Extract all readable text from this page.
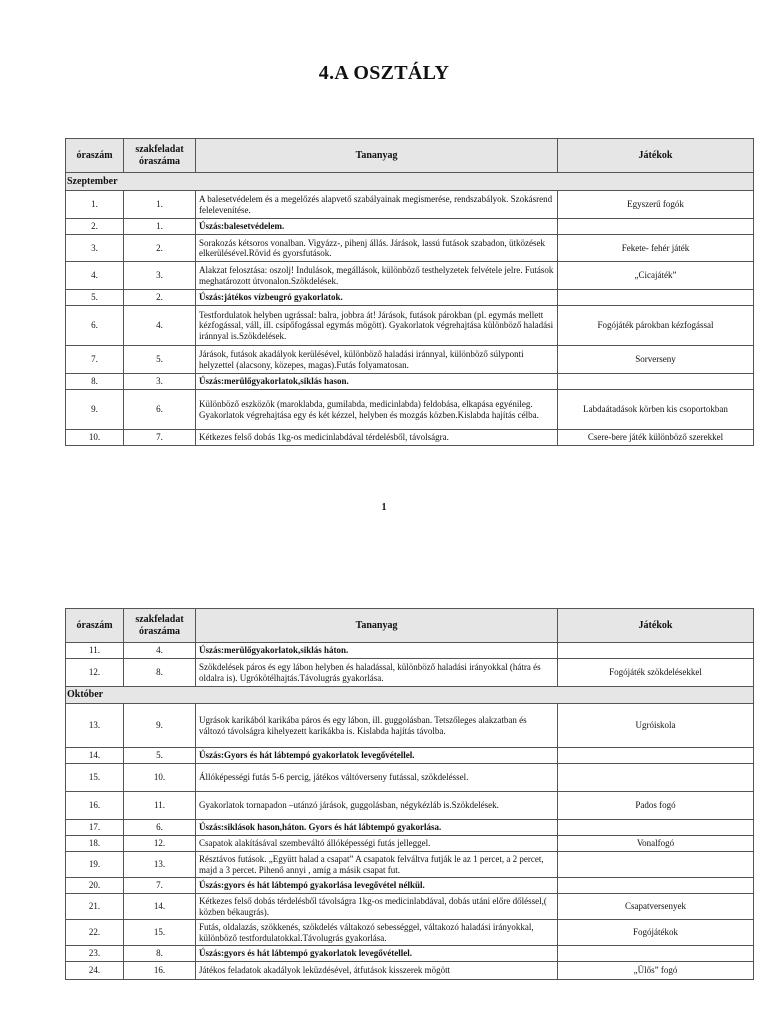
4.A OSZTÁLY
óraszám	szakfeladat óraszáma	Tananyag	Játékok
Szeptember			
1.	1.	A balesetvédelem és a megelőzés alapvető szabályainak megismerése, rendszabályok. Szokásrend felelevenítése.	Egyszerű fogók
2.	1.	Úszás:balesetvédelem.	
3.	2.	Sorakozás kétsoros vonalban. Vigyázz-, pihenj állás. Járások, lassú futások szabadon, ütközések elkerülésével.Rövid és gyorsfutások.	Fekete- fehér játék
4.	3.	Alakzat felosztása: oszolj! Indulások, megállások, különböző testhelyzetek felvétele jelre. Futások meghatározott útvonalon.Szökdelések.	„Cicajáték”
5.	2.	Úszás:játékos vízbeugró gyakorlatok.	
6.	4.	Testfordulatok helyben ugrással: balra, jobbra át! Járások, futások párokban (pl. egymás mellett kézfogással, váll, ill. csípőfogással egymás mögött). Gyakorlatok végrehajtása különböző haladási iránnyal is.Szökdelések.	Fogójáték párokban kézfogással
7.	5.	Járások, futások akadályok kerülésével, különböző haladási iránnyal, különböző súlyponti helyzettel (alacsony, közepes, magas).Futás folyamatosan.	Sorverseny
8.	3.	Úszás:merülőgyakorlatok,siklás hason.	
9.	6.	Különböző eszközök (maroklabda, gumilabda, medicinlabda) feldobása, elkapása egyénileg. Gyakorlatok végrehajtása egy és két kézzel, helyben és mozgás közben.Kislabda hajítás célba.	Labdaátadások körben kis csoportokban
10.	7.	Kétkezes felső dobás 1kg-os medicinlabdával térdelésből, távolságra.	Csere-bere játék különböző szerekkel
1
óraszám	szakfeladat óraszáma	Tananyag	Játékok
11.	4.	Úszás:merülőgyakorlatok,siklás háton.	
12.	8.	Szökdelések páros és egy lábon helyben és haladással, különböző haladási irányokkal (hátra és oldalra is). Ugrókötélhajtás.Távolugrás gyakorlása.	Fogójáték szökdelésekkel
Október			
13.	9.	Ugrások karikából karikába páros és egy lábon, ill. guggolásban. Tetszőleges alakzatban és változó távolságra kihelyezett karikákba is. Kislabda hajítás távolba.	Ugróiskola
14.	5.	Úszás:Gyors és hát lábtempó gyakorlatok levegővétellel.	
15.	10.	Állóképességi futás 5-6 percig, játékos váltóverseny futással, szökdeléssel.	
16.	11.	Gyakorlatok tornapadon –utánzó járások, guggolásban, négykézláb is.Szökdelések.	Pados fogó
17.	6.	Úszás:siklások hason,háton. Gyors és hát lábtempó gyakorlása.	
18.	12.	Csapatok alakításával szembeváltó állóképességi futás jelleggel.	Vonalfogó
19.	13.	Résztávos futások. „Együtt halad a csapat” A csapatok felváltva futják le az 1 percet, a 2 percet, majd a 3 percet. Pihenő annyi , amíg a másik csapat fut.	
20.	7.	Úszás:gyors és hát lábtempó gyakorlása levegővétel nélkül.	
21.	14.	Kétkezes felső dobás térdelésből távolságra 1kg-os medicinlabdával, dobás utáni előre dőléssel,( közben békaugrás).	Csapatversenyek
22.	15.	Futás, oldalazás, szökkenés, szökdelés váltakozó sebességgel, váltakozó haladási irányokkal, különböző testfordulatokkal.Távolugrás gyakorlása.	Fogójátékok
23.	8.	Úszás:gyors és hát lábtempó gyakorlatok levegővétellel.	
24.	16.	Játékos feladatok akadályok leküzdésével, átfutások kisszerek mögött	„Ülős” fogó
